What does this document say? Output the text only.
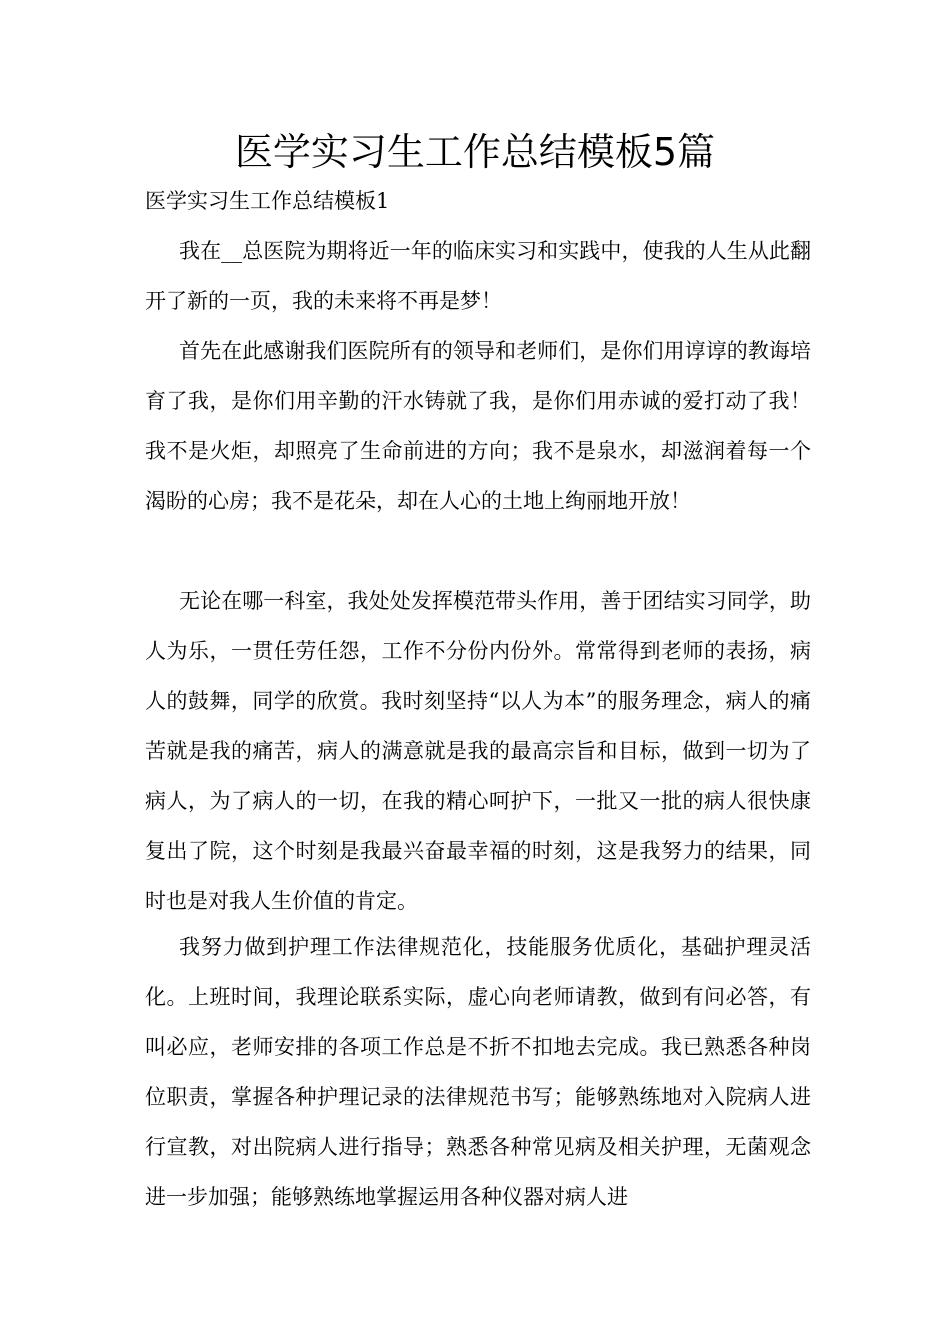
医学实习生工作总结模板5篇

医学实习生工作总结模板1

我在__总医院为期将近一年的临床实习和实践中，使我的人生从此翻开了新的一页，我的未来将不再是梦！

首先在此感谢我们医院所有的领导和老师们，是你们用谆谆的教诲培育了我，是你们用辛勤的汗水铸就了我，是你们用赤诚的爱打动了我！我不是火炬，却照亮了生命前进的方向；我不是泉水，却滋润着每一个渴盼的心房；我不是花朵，却在人心的土地上绚丽地开放！

无论在哪一科室，我处处发挥模范带头作用，善于团结实习同学，助人为乐，一贯任劳任怨，工作不分份内份外。常常得到老师的表扬，病人的鼓舞，同学的欣赏。我时刻坚持“以人为本”的服务理念，病人的痛苦就是我的痛苦，病人的满意就是我的最高宗旨和目标，做到一切为了病人，为了病人的一切，在我的精心呵护下，一批又一批的病人很快康复出了院，这个时刻是我最兴奋最幸福的时刻，这是我努力的结果，同时也是对我人生价值的肯定。

我努力做到护理工作法律规范化，技能服务优质化，基础护理灵活化。上班时间，我理论联系实际，虚心向老师请教，做到有问必答，有叫必应，老师安排的各项工作总是不折不扣地去完成。我已熟悉各种岗位职责，掌握各种护理记录的法律规范书写；能够熟练地对入院病人进行宣教，对出院病人进行指导；熟悉各种常见病及相关护理，无菌观念进一步加强；能够熟练地掌握运用各种仪器对病人进
